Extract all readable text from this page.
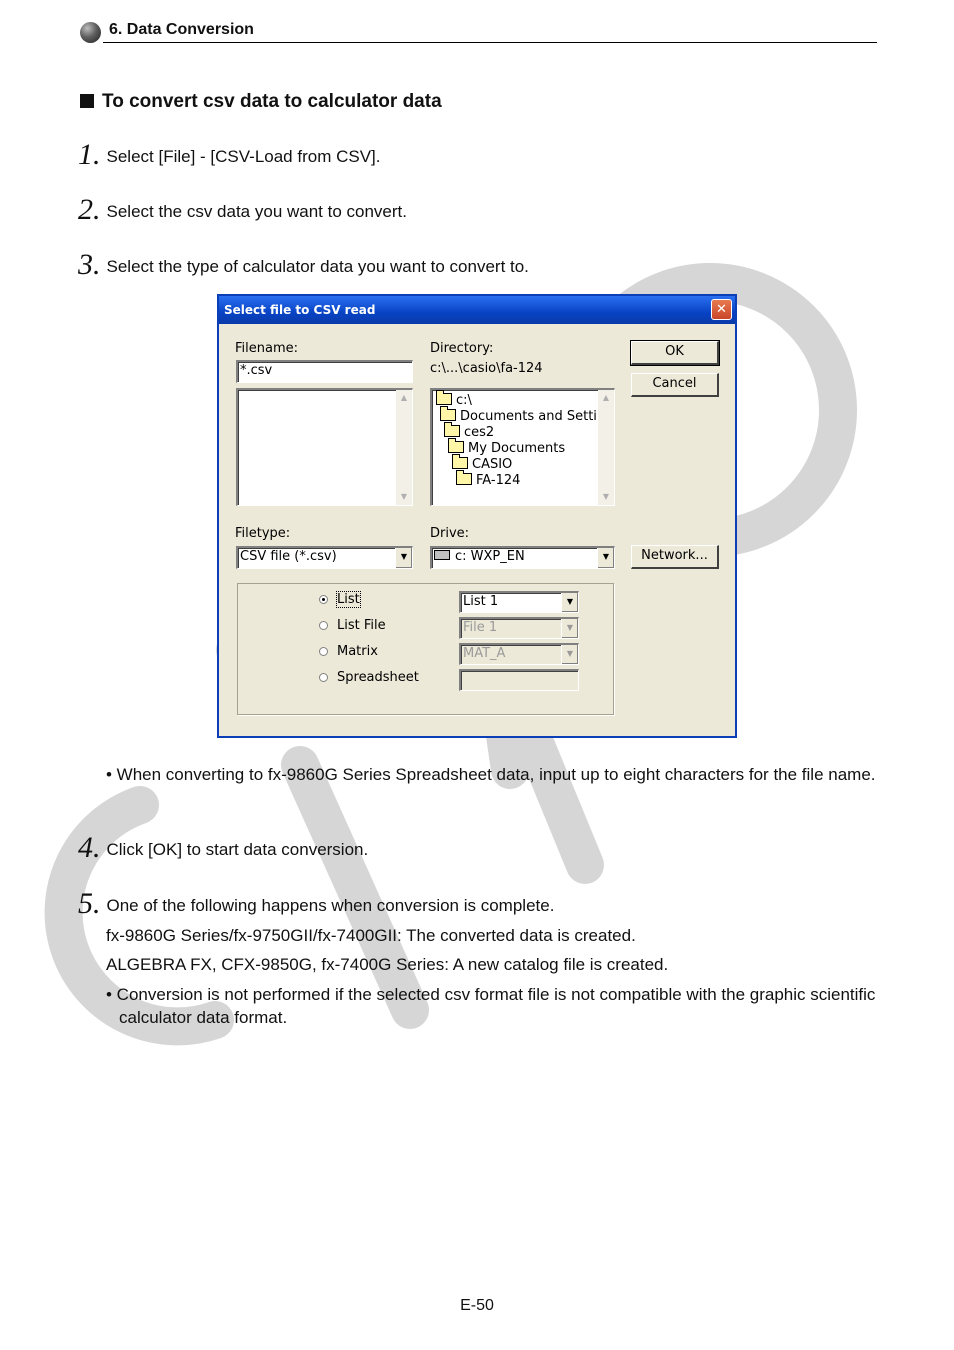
6. Data Conversion
To convert csv data to calculator data
1. Select [File] - [CSV-Load from CSV].
2. Select the csv data you want to convert.
3. Select the type of calculator data you want to convert to.
Select file to CSV read	✕
Filename:
*.csv
▲
▼
Directory:
c:\...\casio\fa-124
c:\
Documents and Setti
ces2
My Documents
CASIO
FA-124
▲
▼
OK
Cancel
Filetype:
CSV file (*.csv)	▼
Drive:
c: WXP_EN	▼	Network...
List	List 1	▼
List File	File 1	▼
Matrix	MAT_A	▼
Spreadsheet
• When converting to fx-9860G Series Spreadsheet data, input up to eight characters for the file name.
4. Click [OK] to start data conversion.
5. One of the following happens when conversion is complete.
fx-9860G Series/fx-9750GII/fx-7400GII: The converted data is created.
ALGEBRA FX, CFX-9850G, fx-7400G Series: A new catalog file is created.
• Conversion is not performed if the selected csv format file is not compatible with the graphic scientific calculator data format.
E-50
